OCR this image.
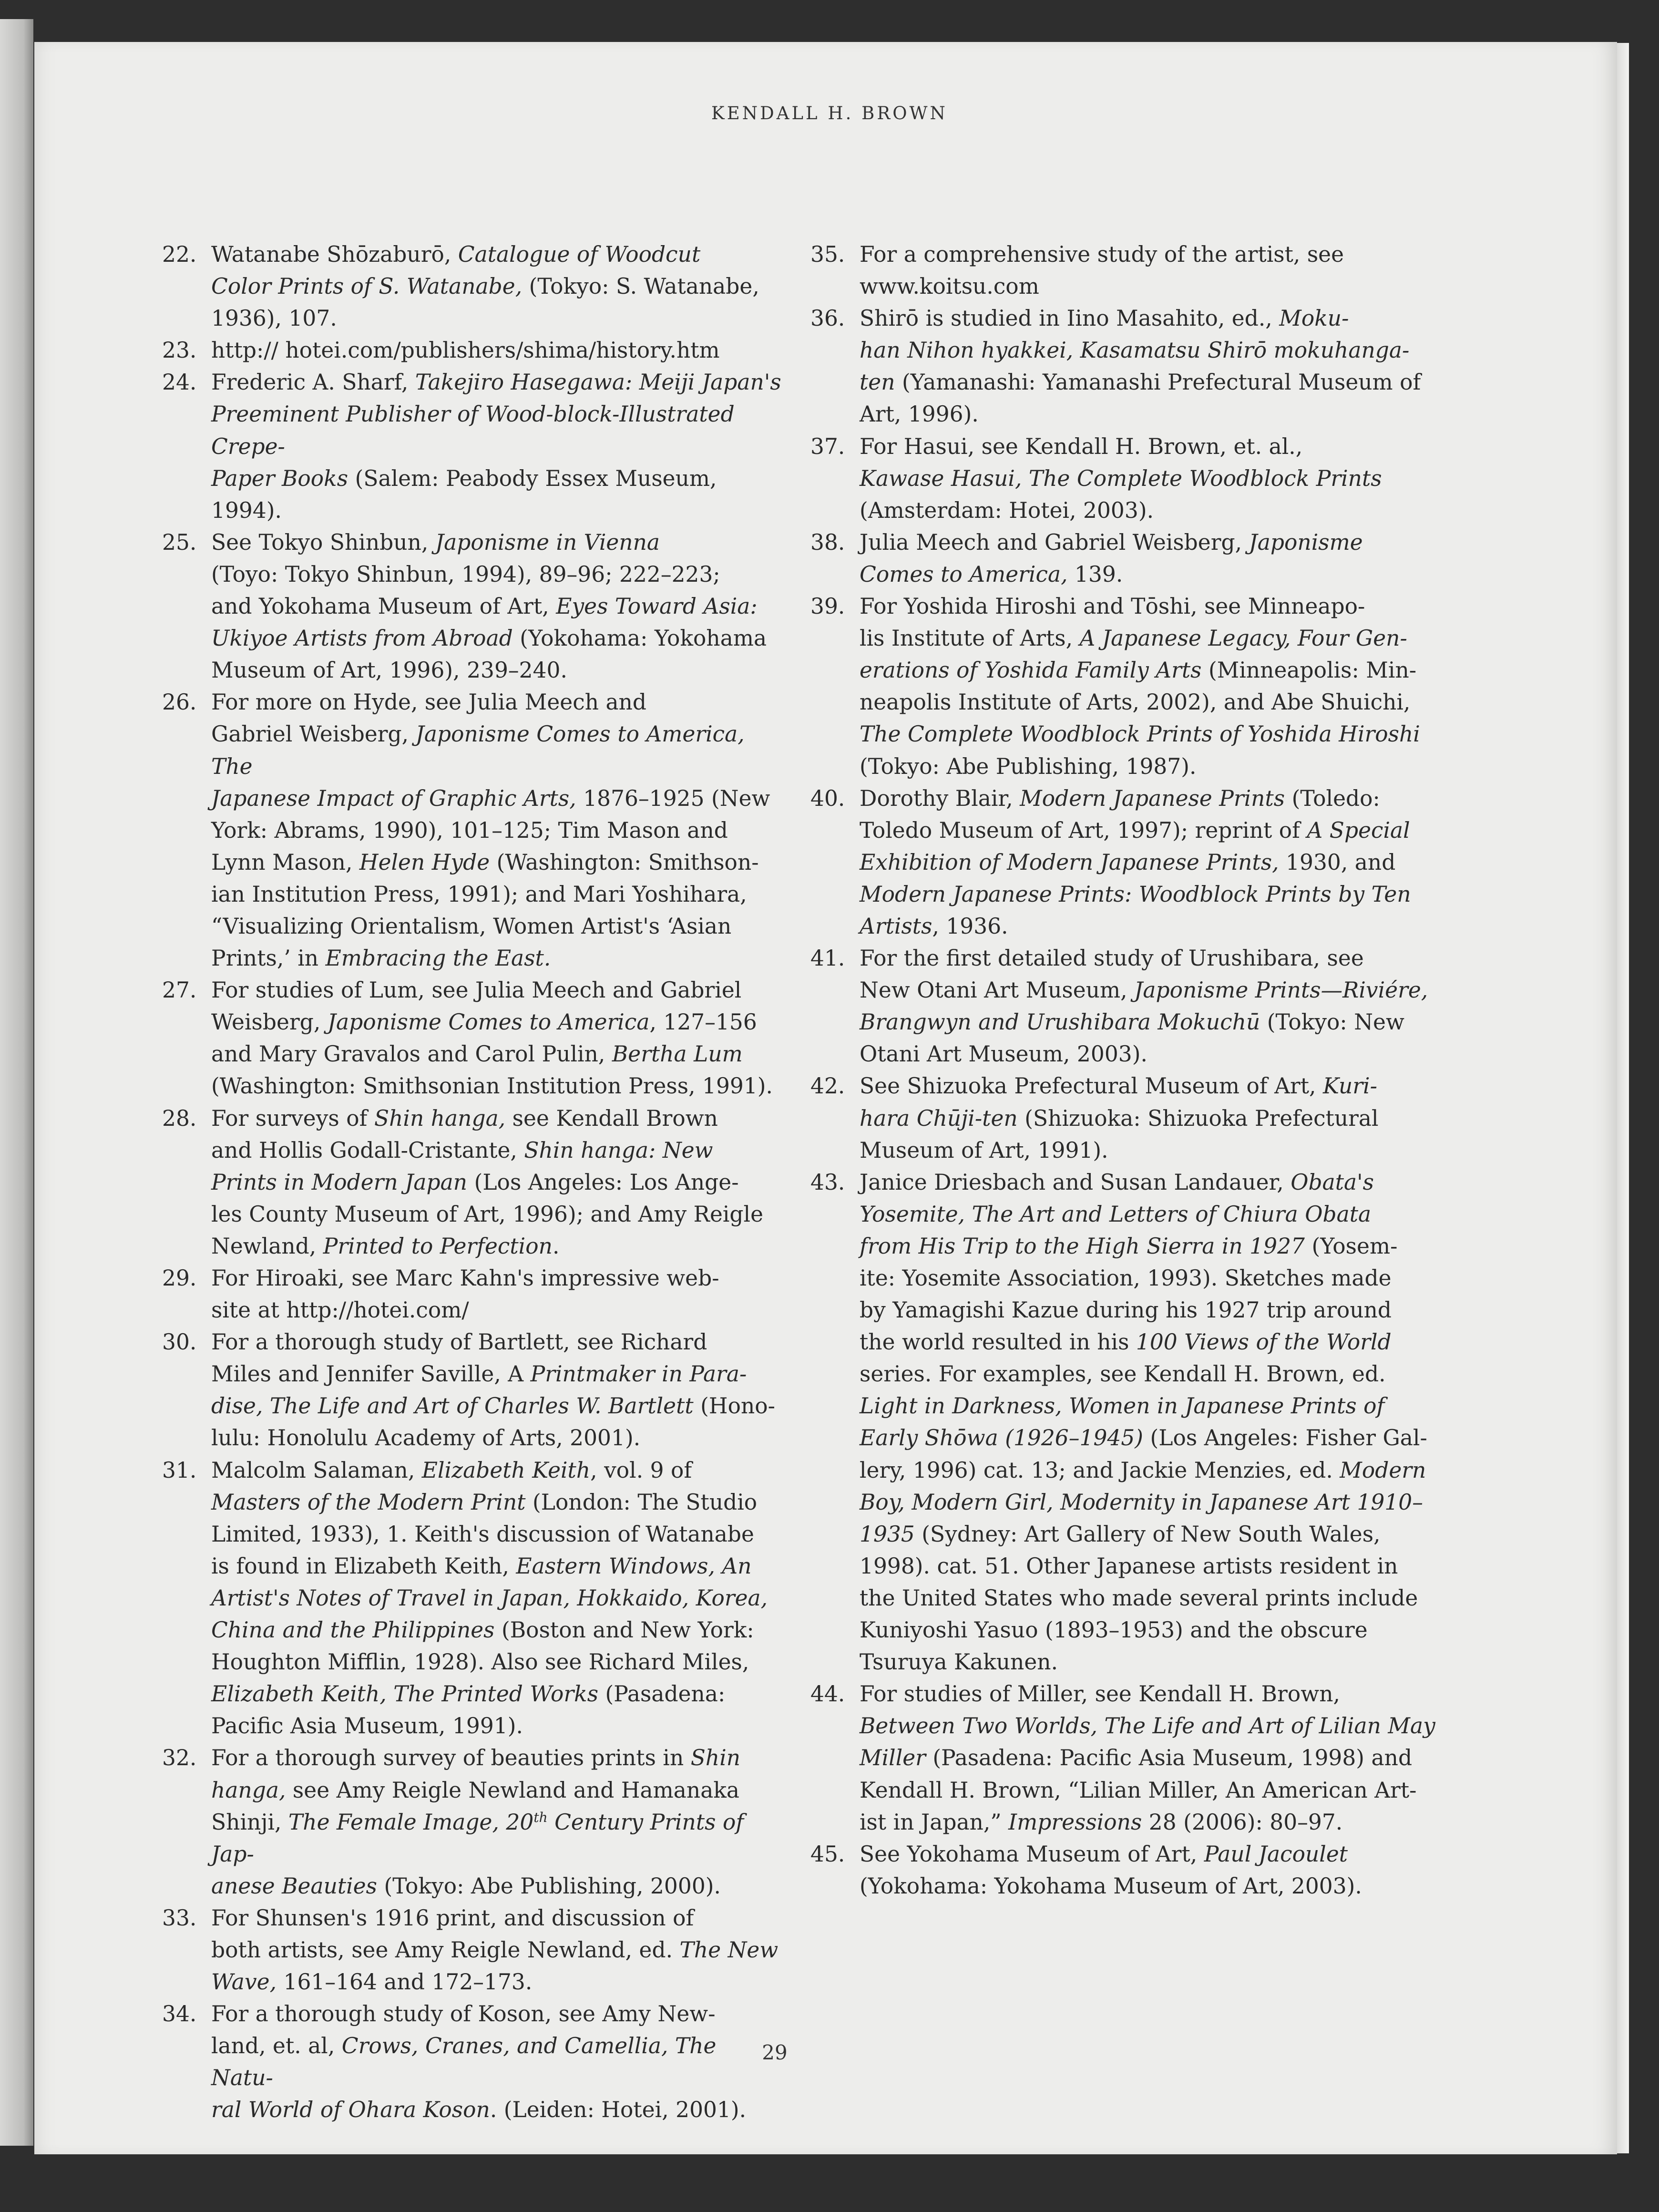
KENDALL H. BROWN
22. Watanabe Shōzaburō, Catalogue of Woodcut
Color Prints of S. Watanabe, (Tokyo: S. Watanabe,
1936), 107.
23. http:// hotei.com/publishers/shima/history.htm
24. Frederic A. Sharf, Takejiro Hasegawa: Meiji Japan's
Preeminent Publisher of Wood-block-Illustrated Crepe-
Paper Books (Salem: Peabody Essex Museum, 1994).
25. See Tokyo Shinbun, Japonisme in Vienna
(Toyo: Tokyo Shinbun, 1994), 89–96; 222–223;
and Yokohama Museum of Art, Eyes Toward Asia:
Ukiyoe Artists from Abroad (Yokohama: Yokohama
Museum of Art, 1996), 239–240.
26. For more on Hyde, see Julia Meech and
Gabriel Weisberg, Japonisme Comes to America, The
Japanese Impact of Graphic Arts, 1876–1925 (New
York: Abrams, 1990), 101–125; Tim Mason and
Lynn Mason, Helen Hyde (Washington: Smithson-
ian Institution Press, 1991); and Mari Yoshihara,
“Visualizing Orientalism, Women Artist's ‘Asian
Prints,’ in Embracing the East.
27. For studies of Lum, see Julia Meech and Gabriel
Weisberg, Japonisme Comes to America, 127–156
and Mary Gravalos and Carol Pulin, Bertha Lum
(Washington: Smithsonian Institution Press, 1991).
28. For surveys of Shin hanga, see Kendall Brown
and Hollis Godall-Cristante, Shin hanga: New
Prints in Modern Japan (Los Angeles: Los Ange-
les County Museum of Art, 1996); and Amy Reigle
Newland, Printed to Perfection.
29. For Hiroaki, see Marc Kahn's impressive web-
site at http://hotei.com/
30. For a thorough study of Bartlett, see Richard
Miles and Jennifer Saville, A Printmaker in Para-
dise, The Life and Art of Charles W. Bartlett (Hono-
lulu: Honolulu Academy of Arts, 2001).
31. Malcolm Salaman, Elizabeth Keith, vol. 9 of
Masters of the Modern Print (London: The Studio
Limited, 1933), 1. Keith's discussion of Watanabe
is found in Elizabeth Keith, Eastern Windows, An
Artist's Notes of Travel in Japan, Hokkaido, Korea,
China and the Philippines (Boston and New York:
Houghton Mifflin, 1928). Also see Richard Miles,
Elizabeth Keith, The Printed Works (Pasadena:
Pacific Asia Museum, 1991).
32. For a thorough survey of beauties prints in Shin
hanga, see Amy Reigle Newland and Hamanaka
Shinji, The Female Image, 20th Century Prints of Jap-
anese Beauties (Tokyo: Abe Publishing, 2000).
33. For Shunsen's 1916 print, and discussion of
both artists, see Amy Reigle Newland, ed. The New
Wave, 161–164 and 172–173.
34. For a thorough study of Koson, see Amy New-
land, et. al, Crows, Cranes, and Camellia, The Natu-
ral World of Ohara Koson. (Leiden: Hotei, 2001).
35. For a comprehensive study of the artist, see
www.koitsu.com
36. Shirō is studied in Iino Masahito, ed., Moku-
han Nihon hyakkei, Kasamatsu Shirō mokuhanga-
ten (Yamanashi: Yamanashi Prefectural Museum of
Art, 1996).
37. For Hasui, see Kendall H. Brown, et. al.,
Kawase Hasui, The Complete Woodblock Prints
(Amsterdam: Hotei, 2003).
38. Julia Meech and Gabriel Weisberg, Japonisme
Comes to America, 139.
39. For Yoshida Hiroshi and Tōshi, see Minneapo-
lis Institute of Arts, A Japanese Legacy, Four Gen-
erations of Yoshida Family Arts (Minneapolis: Min-
neapolis Institute of Arts, 2002), and Abe Shuichi,
The Complete Woodblock Prints of Yoshida Hiroshi
(Tokyo: Abe Publishing, 1987).
40. Dorothy Blair, Modern Japanese Prints (Toledo:
Toledo Museum of Art, 1997); reprint of A Special
Exhibition of Modern Japanese Prints, 1930, and
Modern Japanese Prints: Woodblock Prints by Ten
Artists, 1936.
41. For the first detailed study of Urushibara, see
New Otani Art Museum, Japonisme Prints—Riviére,
Brangwyn and Urushibara Mokuchū (Tokyo: New
Otani Art Museum, 2003).
42. See Shizuoka Prefectural Museum of Art, Kuri-
hara Chūji-ten (Shizuoka: Shizuoka Prefectural
Museum of Art, 1991).
43. Janice Driesbach and Susan Landauer, Obata's
Yosemite, The Art and Letters of Chiura Obata
from His Trip to the High Sierra in 1927 (Yosem-
ite: Yosemite Association, 1993). Sketches made
by Yamagishi Kazue during his 1927 trip around
the world resulted in his 100 Views of the World
series. For examples, see Kendall H. Brown, ed.
Light in Darkness, Women in Japanese Prints of
Early Shōwa (1926–1945) (Los Angeles: Fisher Gal-
lery, 1996) cat. 13; and Jackie Menzies, ed. Modern
Boy, Modern Girl, Modernity in Japanese Art 1910–
1935 (Sydney: Art Gallery of New South Wales,
1998). cat. 51. Other Japanese artists resident in
the United States who made several prints include
Kuniyoshi Yasuo (1893–1953) and the obscure
Tsuruya Kakunen.
44. For studies of Miller, see Kendall H. Brown,
Between Two Worlds, The Life and Art of Lilian May
Miller (Pasadena: Pacific Asia Museum, 1998) and
Kendall H. Brown, “Lilian Miller, An American Art-
ist in Japan,” Impressions 28 (2006): 80–97.
45. See Yokohama Museum of Art, Paul Jacoulet
(Yokohama: Yokohama Museum of Art, 2003).
29
